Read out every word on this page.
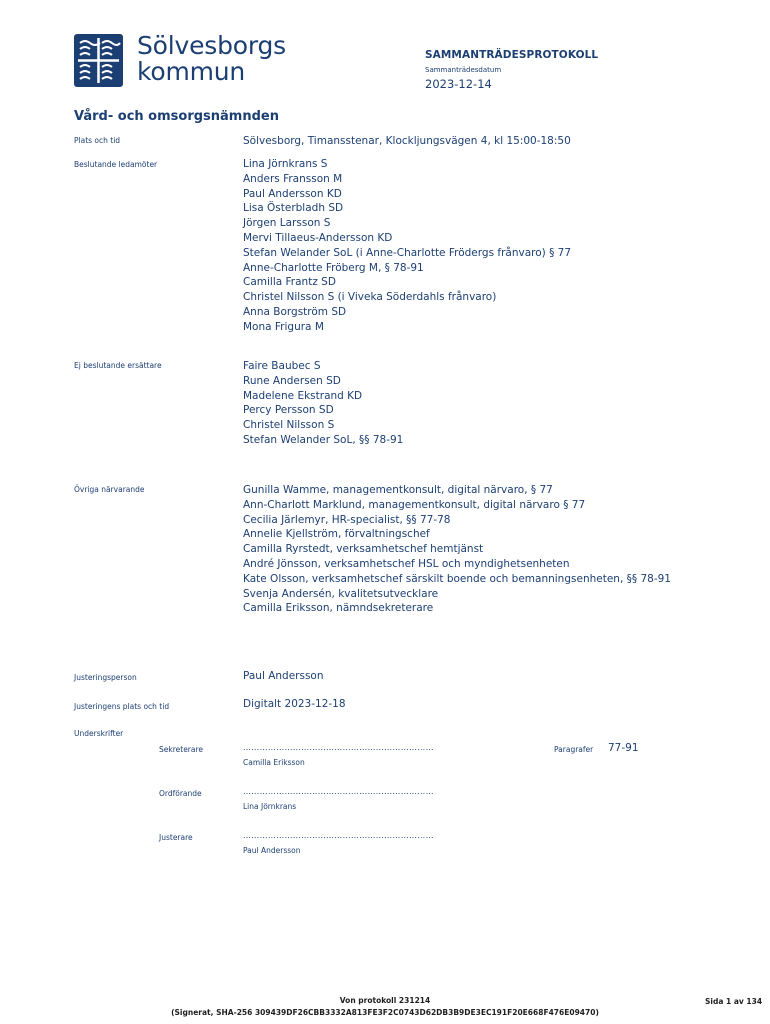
Sölvesborgs
kommun
SAMMANTRÄDESPROTOKOLL
Sammanträdesdatum
2023-12-14
Vård- och omsorgsnämnden
Plats och tid	Sölvesborg, Timansstenar, Klockljungsvägen 4, kl 15:00-18:50
Beslutande ledamöter	Lina Jörnkrans S
Anders Fransson M
Paul Andersson KD
Lisa Österbladh SD
Jörgen Larsson S
Mervi Tillaeus-Andersson KD
Stefan Welander SoL (i Anne-Charlotte Frödergs frånvaro) § 77
Anne-Charlotte Fröberg M, § 78-91
Camilla Frantz SD
Christel Nilsson S (i Viveka Söderdahls frånvaro)
Anna Borgström SD
Mona Frigura M
Ej beslutande ersättare	Faire Baubec S
Rune Andersen SD
Madelene Ekstrand KD
Percy Persson SD
Christel Nilsson S
Stefan Welander SoL, §§ 78-91
Övriga närvarande	Gunilla Wamme, managementkonsult, digital närvaro, § 77
Ann-Charlott Marklund, managementkonsult, digital närvaro § 77
Cecilia Järlemyr, HR-specialist, §§ 77-78
Annelie Kjellström, förvaltningschef
Camilla Ryrstedt, verksamhetschef hemtjänst
André Jönsson, verksamhetschef HSL och myndighetsenheten
Kate Olsson, verksamhetschef särskilt boende och bemanningsenheten, §§ 78-91
Svenja Andersén, kvalitetsutvecklare
Camilla Eriksson, nämndsekreterare
Justeringsperson	Paul Andersson
Justeringens plats och tid	Digitalt 2023-12-18
Underskrifter
Sekreterare	……………………………………………………………
Camilla Eriksson
Paragrafer 77-91
Ordförande	……………………………………………………………
Lina Jörnkrans
Justerare	……………………………………………………………
Paul Andersson
Von protokoll 231214
(Signerat, SHA-256 309439DF26CBB3332A813FE3F2C0743D62DB3B9DE3EC191F20E668F476E09470)
Sida 1 av 134
